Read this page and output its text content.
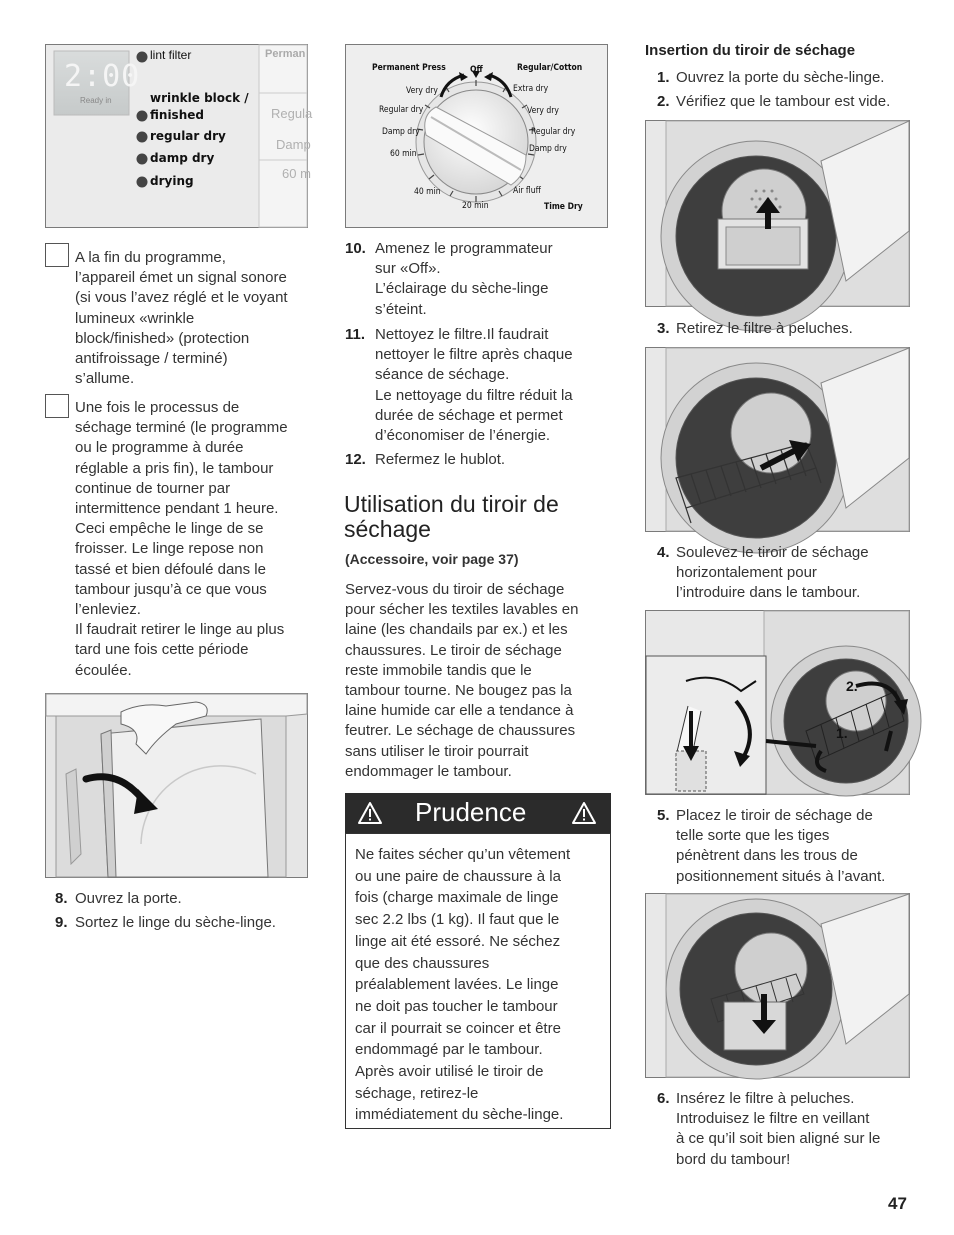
2:00
Ready in
lint filter
wrinkle block /
finished
regular dry
damp dry
drying
Perman
Regula
Damp
60 m
A la fin du programme,
l’appareil émet un signal sonore
(si vous l’avez réglé et le voyant
lumineux «wrinkle
block/finished» (protection
antifroissage / terminé)
s’allume.
Une fois le processus de
séchage terminé (le programme
ou le programme à durée
réglable a pris fin), le tambour
continue de tourner par
intermittence pendant 1 heure.
Ceci empêche le linge de se
froisser. Le linge repose non
tassé et bien défoulé dans le
tambour jusqu’à ce que vous
l’enleviez.
Il faudrait retirer le linge au plus
tard une fois cette période
écoulée.
8. Ouvrez la porte.
9. Sortez le linge du sèche-linge.
Off
Permanent Press	Regular/Cotton
Very dry
Regular dry
Damp dry
60 min
40 min
20 min
Extra dry
Very dry
Regular dry
Damp dry
Air fluff
Time Dry
10. Amenez le programmateur
sur «Off».
L’éclairage du sèche-linge
s’éteint.
11. Nettoyez le filtre.Il faudrait
nettoyer le filtre après chaque
séance de séchage.
Le nettoyage du filtre réduit la
durée de séchage et permet
d’économiser de l’énergie.
12. Refermez le hublot.
Utilisation du tiroir de
séchage
(Accessoire, voir page 37)
Servez-vous du tiroir de séchage
pour sécher les textiles lavables en
laine (les chandails par ex.) et les
chaussures. Le tiroir de séchage
reste immobile tandis que le
tambour tourne. Ne bougez pas la
laine humide car elle a tendance à
feutrer. Le séchage de chaussures
sans utiliser le tiroir pourrait
endommager le tambour.
Prudence
Ne faites sécher qu’un vêtement
ou une paire de chaussure à la
fois (charge maximale de linge
sec 2.2 lbs (1 kg). Il faut que le
linge ait été essoré. Ne séchez
que des chaussures
préalablement lavées. Le linge
ne doit pas toucher le tambour
car il pourrait se coincer et être
endommagé par le tambour.
Après avoir utilisé le tiroir de
séchage, retirez-le
immédiatement du sèche-linge.
Insertion du tiroir de séchage
1. Ouvrez la porte du sèche-linge.
2. Vérifiez que le tambour est vide.
3. Retirez le filtre à peluches.
4. Soulevez le tiroir de séchage
horizontalement pour
l’introduire dans le tambour.
2.
1.
5. Placez le tiroir de séchage de
telle sorte que les tiges
pénètrent dans les trous de
positionnement situés à l’avant.
6. Insérez le filtre à peluches.
Introduisez le filtre en veillant
à ce qu’il soit bien aligné sur le
bord du tambour!
47
